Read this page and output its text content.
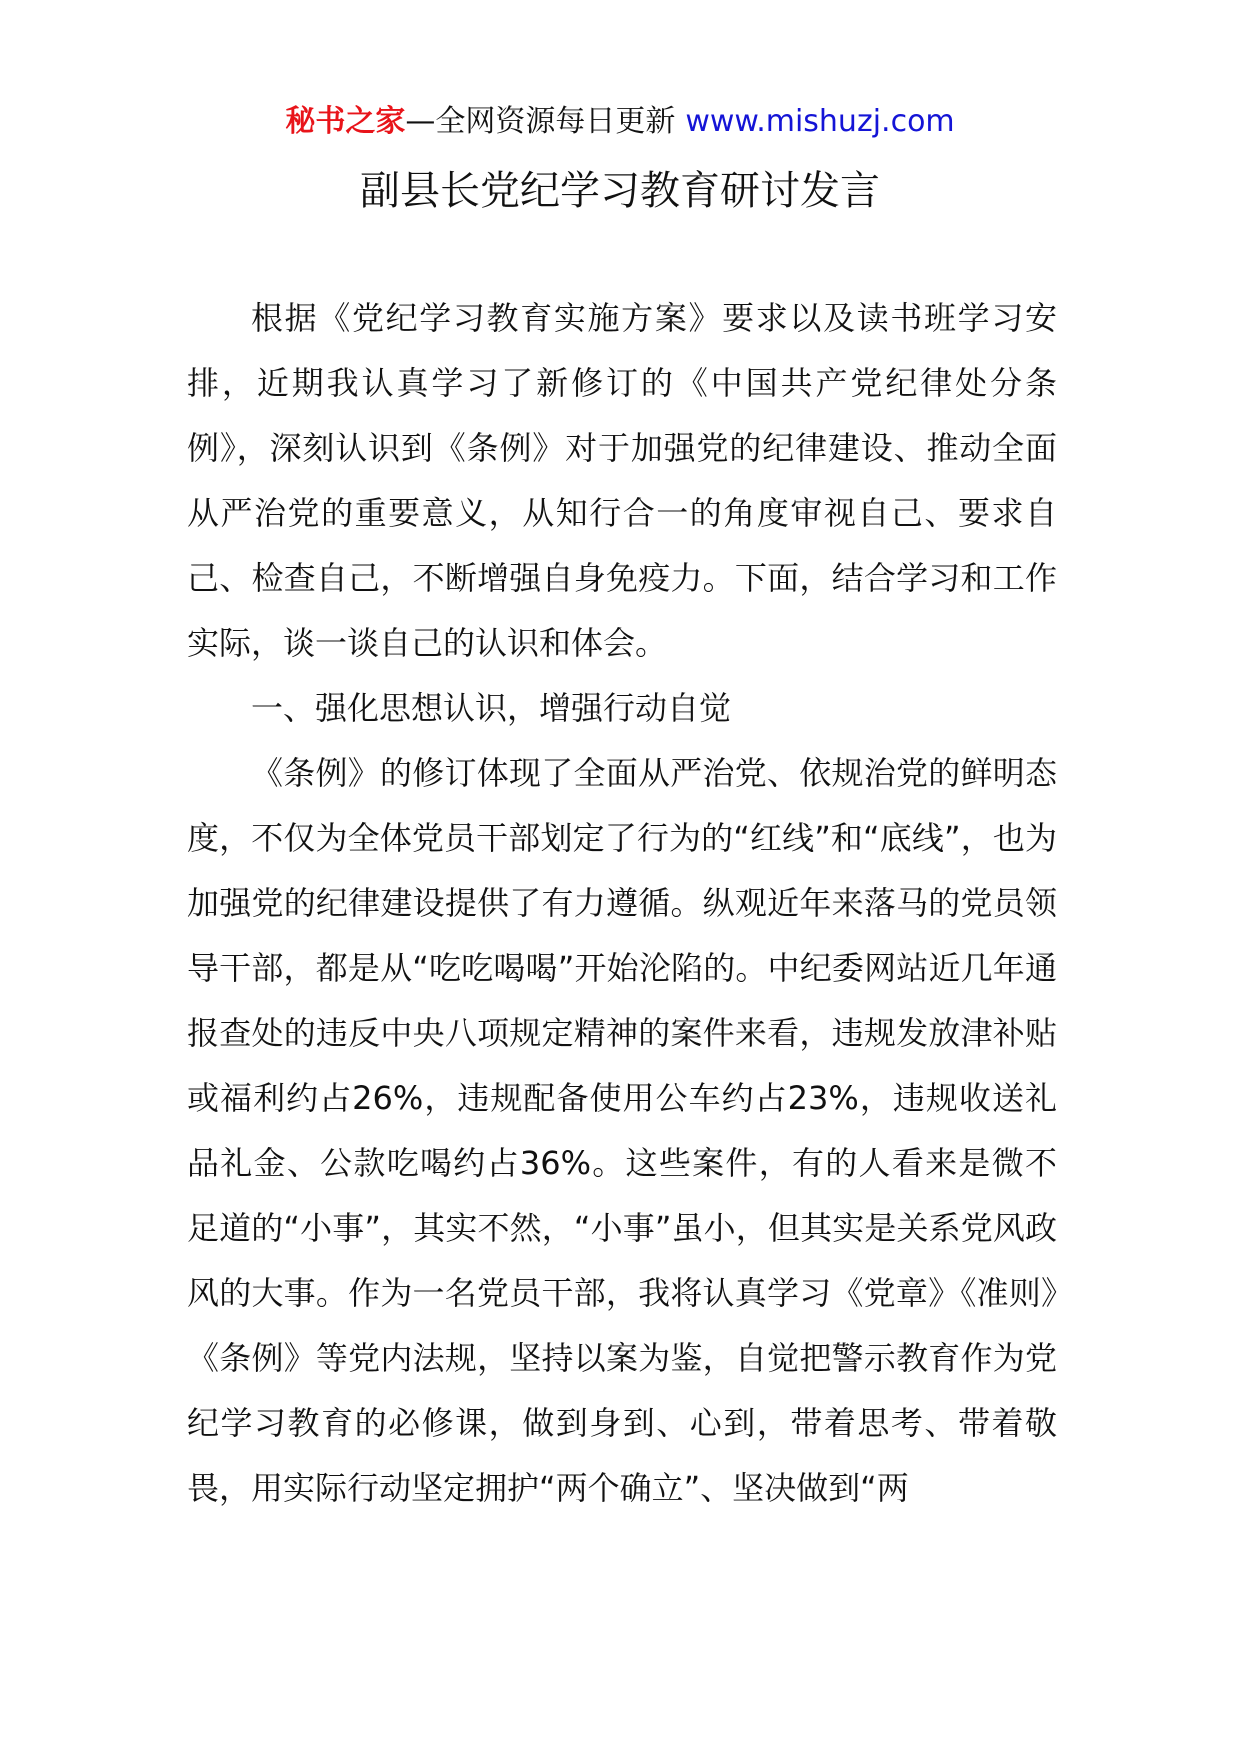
秘书之家—全网资源每日更新 www.mishuzj.com
副县长党纪学习教育研讨发言

根据《党纪学习教育实施方案》要求以及读书班学习安排，近期我认真学习了新修订的《中国共产党纪律处分条例》，深刻认识到《条例》对于加强党的纪律建设、推动全面从严治党的重要意义，从知行合一的角度审视自己、要求自己、检查自己，不断增强自身免疫力。下面，结合学习和工作实际，谈一谈自己的认识和体会。

一、强化思想认识，增强行动自觉

《条例》的修订体现了全面从严治党、依规治党的鲜明态度，不仅为全体党员干部划定了行为的“红线”和“底线”，也为加强党的纪律建设提供了有力遵循。纵观近年来落马的党员领导干部，都是从“吃吃喝喝”开始沦陷的。中纪委网站近几年通报查处的违反中央八项规定精神的案件来看，违规发放津补贴或福利约占26%，违规配备使用公车约占23%，违规收送礼品礼金、公款吃喝约占36%。这些案件，有的人看来是微不足道的“小事”，其实不然，“小事”虽小，但其实是关系党风政风的大事。作为一名党员干部，我将认真学习《党章》《准则》《条例》等党内法规，坚持以案为鉴，自觉把警示教育作为党纪学习教育的必修课，做到身到、心到，带着思考、带着敬畏，用实际行动坚定拥护“两个确立”、坚决做到“两
